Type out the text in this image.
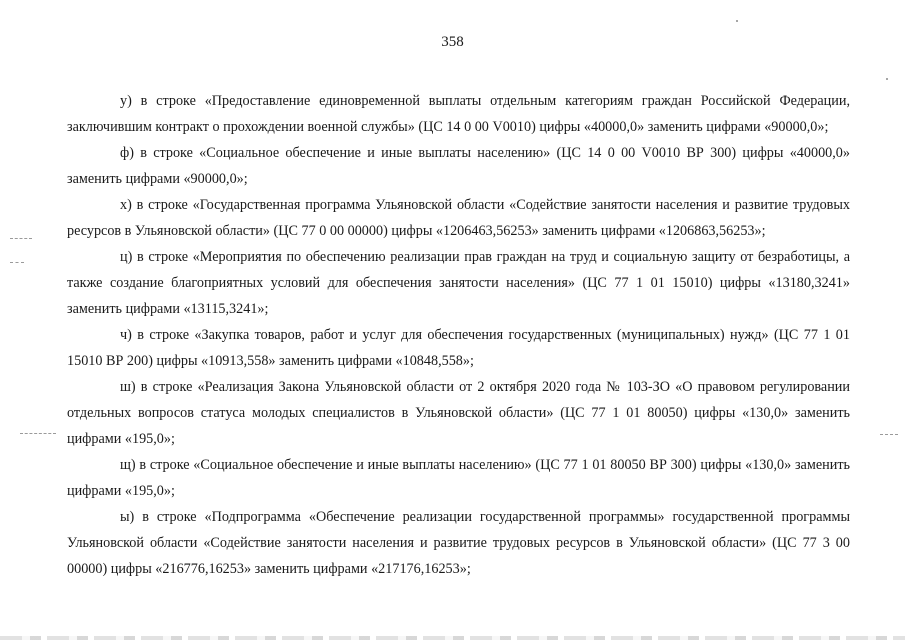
358

у) в строке «Предоставление единовременной выплаты отдельным категориям граждан Российской Федерации, заключившим контракт о прохождении военной службы» (ЦС 14 0 00 V0010) цифры «40000,0» заменить цифрами «90000,0»;

ф) в строке «Социальное обеспечение и иные выплаты населению» (ЦС 14 0 00 V0010 ВР 300) цифры «40000,0» заменить цифрами «90000,0»;

х) в строке «Государственная программа Ульяновской области «Содействие занятости населения и развитие трудовых ресурсов в Ульяновской области» (ЦС 77 0 00 00000) цифры «1206463,56253» заменить цифрами «1206863,56253»;

ц) в строке «Мероприятия по обеспечению реализации прав граждан на труд и социальную защиту от безработицы, а также создание благоприятных условий для обеспечения занятости населения» (ЦС 77 1 01 15010) цифры «13180,3241» заменить цифрами «13115,3241»;

ч) в строке «Закупка товаров, работ и услуг для обеспечения государственных (муниципальных) нужд» (ЦС 77 1 01 15010 ВР 200) цифры «10913,558» заменить цифрами «10848,558»;

ш) в строке «Реализация Закона Ульяновской области от 2 октября 2020 года № 103-ЗО «О правовом регулировании отдельных вопросов статуса молодых специалистов в Ульяновской области» (ЦС 77 1 01 80050) цифры «130,0» заменить цифрами «195,0»;

щ) в строке «Социальное обеспечение и иные выплаты населению» (ЦС 77 1 01 80050 ВР 300) цифры «130,0» заменить цифрами «195,0»;

ы) в строке «Подпрограмма «Обеспечение реализации государственной программы» государственной программы Ульяновской области «Содействие занятости населения и развитие трудовых ресурсов в Ульяновской области» (ЦС 77 3 00 00000) цифры «216776,16253» заменить цифрами «217176,16253»;
